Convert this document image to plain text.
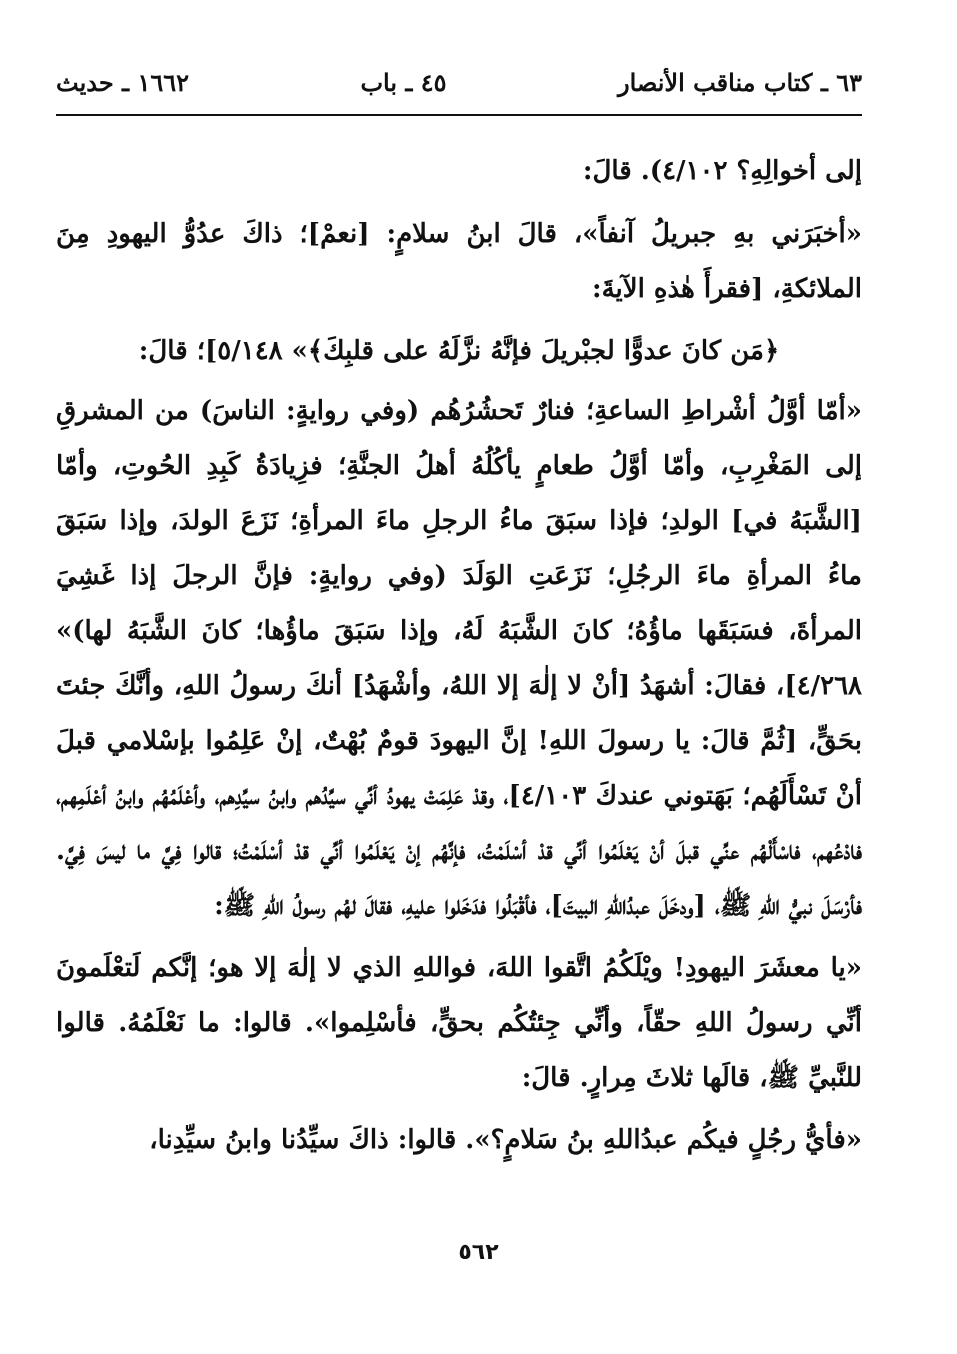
٦٣ ـ كتاب مناقب الأنصار
٤٥ ـ باب
١٦٦٢ ـ حديث

إلى أخوالِهِ؟ ٤/١٠٢). قالَ:

«أخبَرَني بهِ جبريلُ آنفاً»، قالَ ابنُ سلامٍ: [نعمْ]؛ ذاكَ عدُوُّ اليهودِ مِنَ الملائكةِ، [فقرأَ هٰذهِ الآيةَ:

﴿مَن كانَ عدوًّا لجبْريلَ فإنَّهُ نزَّلَهُ على قلبِكَ﴾» ٥/١٤٨]؛ قالَ:

«أمّا أوَّلُ أشْراطِ الساعةِ؛ فنارٌ تَحشُرُهُم (وفي روايةٍ: الناسَ) من المشرقِ إلى المَغْرِبِ، وأمّا أوَّلُ طعامٍ يأكُلُهُ أهلُ الجنَّةِ؛ فزِيادَةُ كَبِدِ الحُوتِ، وأمّا [الشَّبَهُ في] الولدِ؛ فإذا سبَقَ ماءُ الرجلِ ماءَ المرأةِ؛ نَزَعَ الولدَ، وإذا سَبَقَ ماءُ المرأةِ ماءَ الرجُلِ؛ نَزَعَتِ الوَلَدَ (وفي روايةٍ: فإنَّ الرجلَ إذا غَشِيَ المرأةَ، فسَبَقَها ماؤُهُ؛ كانَ الشَّبَهُ لَهُ، وإذا سَبَقَ ماؤُها؛ كانَ الشَّبَهُ لها)» ٤/٢٦٨]، فقالَ: أشهَدُ [أنْ لا إلٰهَ إلا اللهُ، وأشْهَدُ] أنكَ رسولُ اللهِ، وأنَّكَ جئتَ بحَقٍّ، [ثُمَّ قالَ: يا رسولَ اللهِ! إنَّ اليهودَ قومٌ بُهْتٌ، إنْ عَلِمُوا بإسْلامي قبلَ أنْ تَسْأَلَهُم؛ بَهَتوني عندكَ ٤/١٠٣]، وقدْ عَلِمَتْ يهودُ أنِّي سيِّدُهم وابنُ سيِّدِهم، وأعْلَمُهُم وابنُ أعْلَمِهم، فادْعُهم، فاسْأَلْهُم عنِّي قبلَ أنْ يَعْلَمُوا أنِّي قدْ أسْلَمْتُ، فإنَّهُم إنْ يَعْلَمُوا أنِّي قدْ أسْلَمْتُ؛ قالوا فِيَّ ما ليسَ فِيَّ. فأرْسَلَ نبيُّ اللهِ ﷺ، [ودخَلَ عبدُاللهِ البيتَ]، فأقْبَلُوا فدَخَلوا عليهِ، فقالَ لهُم رسولُ اللهِ ﷺ:

«يا معشَرَ اليهودِ! ويْلَكُمُ اتَّقوا اللهَ، فواللهِ الذي لا إلٰهَ إلا هو؛ إنَّكم لَتعْلَمونَ أنِّي رسولُ اللهِ حقّاً، وأنِّي جِئتُكُم بحقٍّ، فأسْلِموا». قالوا: ما نَعْلَمُهُ. قالوا للنَّبيِّ ﷺ، قالَها ثلاثَ مِرارٍ. قالَ:

«فأيُّ رجُلٍ فيكُم عبدُاللهِ بنُ سَلامٍ؟». قالوا: ذاكَ سيِّدُنا وابنُ سيِّدِنا،

٥٦٢
